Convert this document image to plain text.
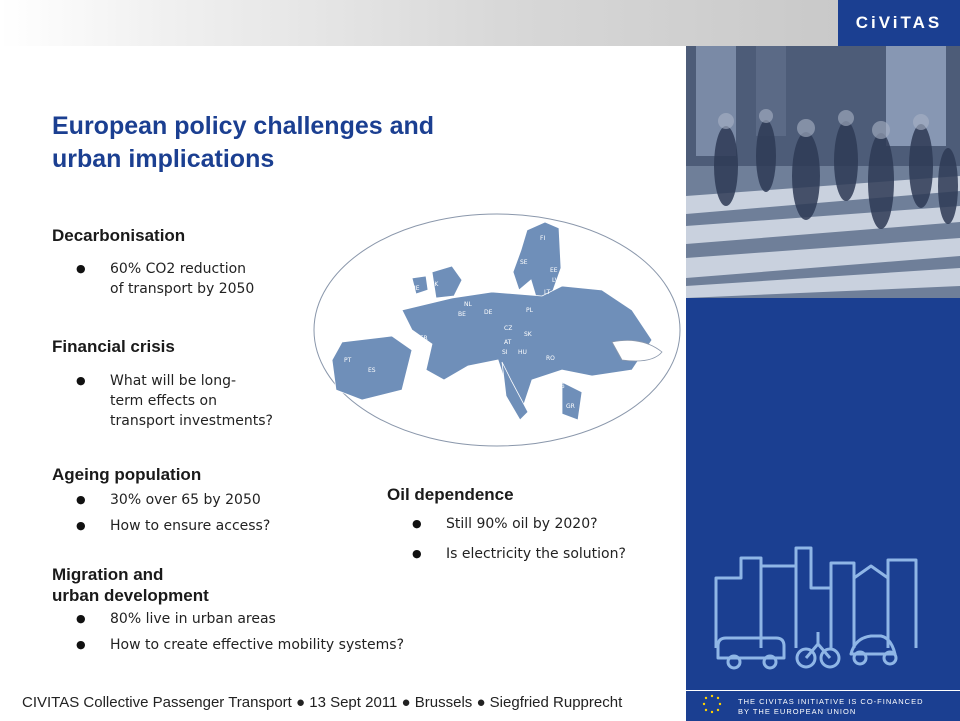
CiViTAS
THE CIVITAS INITIATIVE IS CO-FINANCED
BY THE EUROPEAN UNION
European policy challenges and
urban implications
FI
SE
EE
LV
LT
DK
NL
BE	DE	PL
CZ
SK
AT
HU
SI
FR
RO
BG
IT
PT
ES
UK
IE
GR
Decarbonisation
● 60% CO2 reduction
of transport by 2050
Financial crisis
● What will be long-
term effects on
transport investments?
Ageing population
● 30% over 65 by 2050
● How to ensure access?
Migration and
urban development
● 80% live in urban areas
● How to create effective mobility systems?
Oil dependence
● Still 90% oil by 2020?
● Is electricity the solution?
CIVITAS Collective Passenger Transport ● 13 Sept 2011 ● Brussels ● Siegfried Rupprecht
